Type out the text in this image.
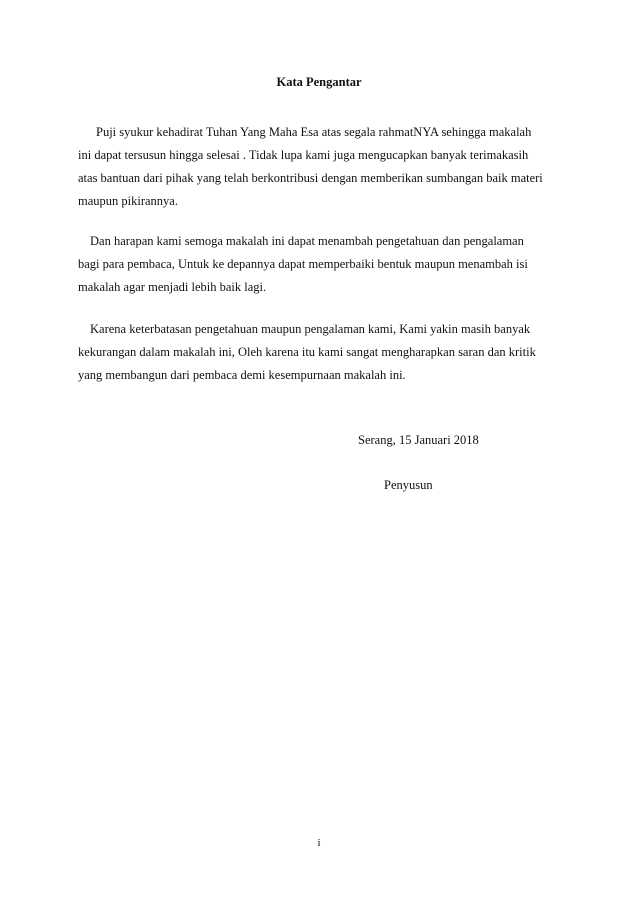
Kata Pengantar

Puji syukur kehadirat Tuhan Yang Maha Esa atas segala rahmatNYA sehingga makalah
ini dapat tersusun hingga selesai . Tidak lupa kami juga mengucapkan banyak terimakasih
atas bantuan dari pihak yang telah berkontribusi dengan memberikan sumbangan baik materi
maupun pikirannya.

Dan harapan kami semoga makalah ini dapat menambah pengetahuan dan pengalaman
bagi para pembaca, Untuk ke depannya dapat memperbaiki bentuk maupun menambah isi
makalah agar menjadi lebih baik lagi.

Karena keterbatasan pengetahuan maupun pengalaman kami, Kami yakin masih banyak
kekurangan dalam makalah ini, Oleh karena itu kami sangat mengharapkan saran dan kritik
yang membangun dari pembaca demi kesempurnaan makalah ini.

Serang, 15 Januari 2018
Penyusun
i
